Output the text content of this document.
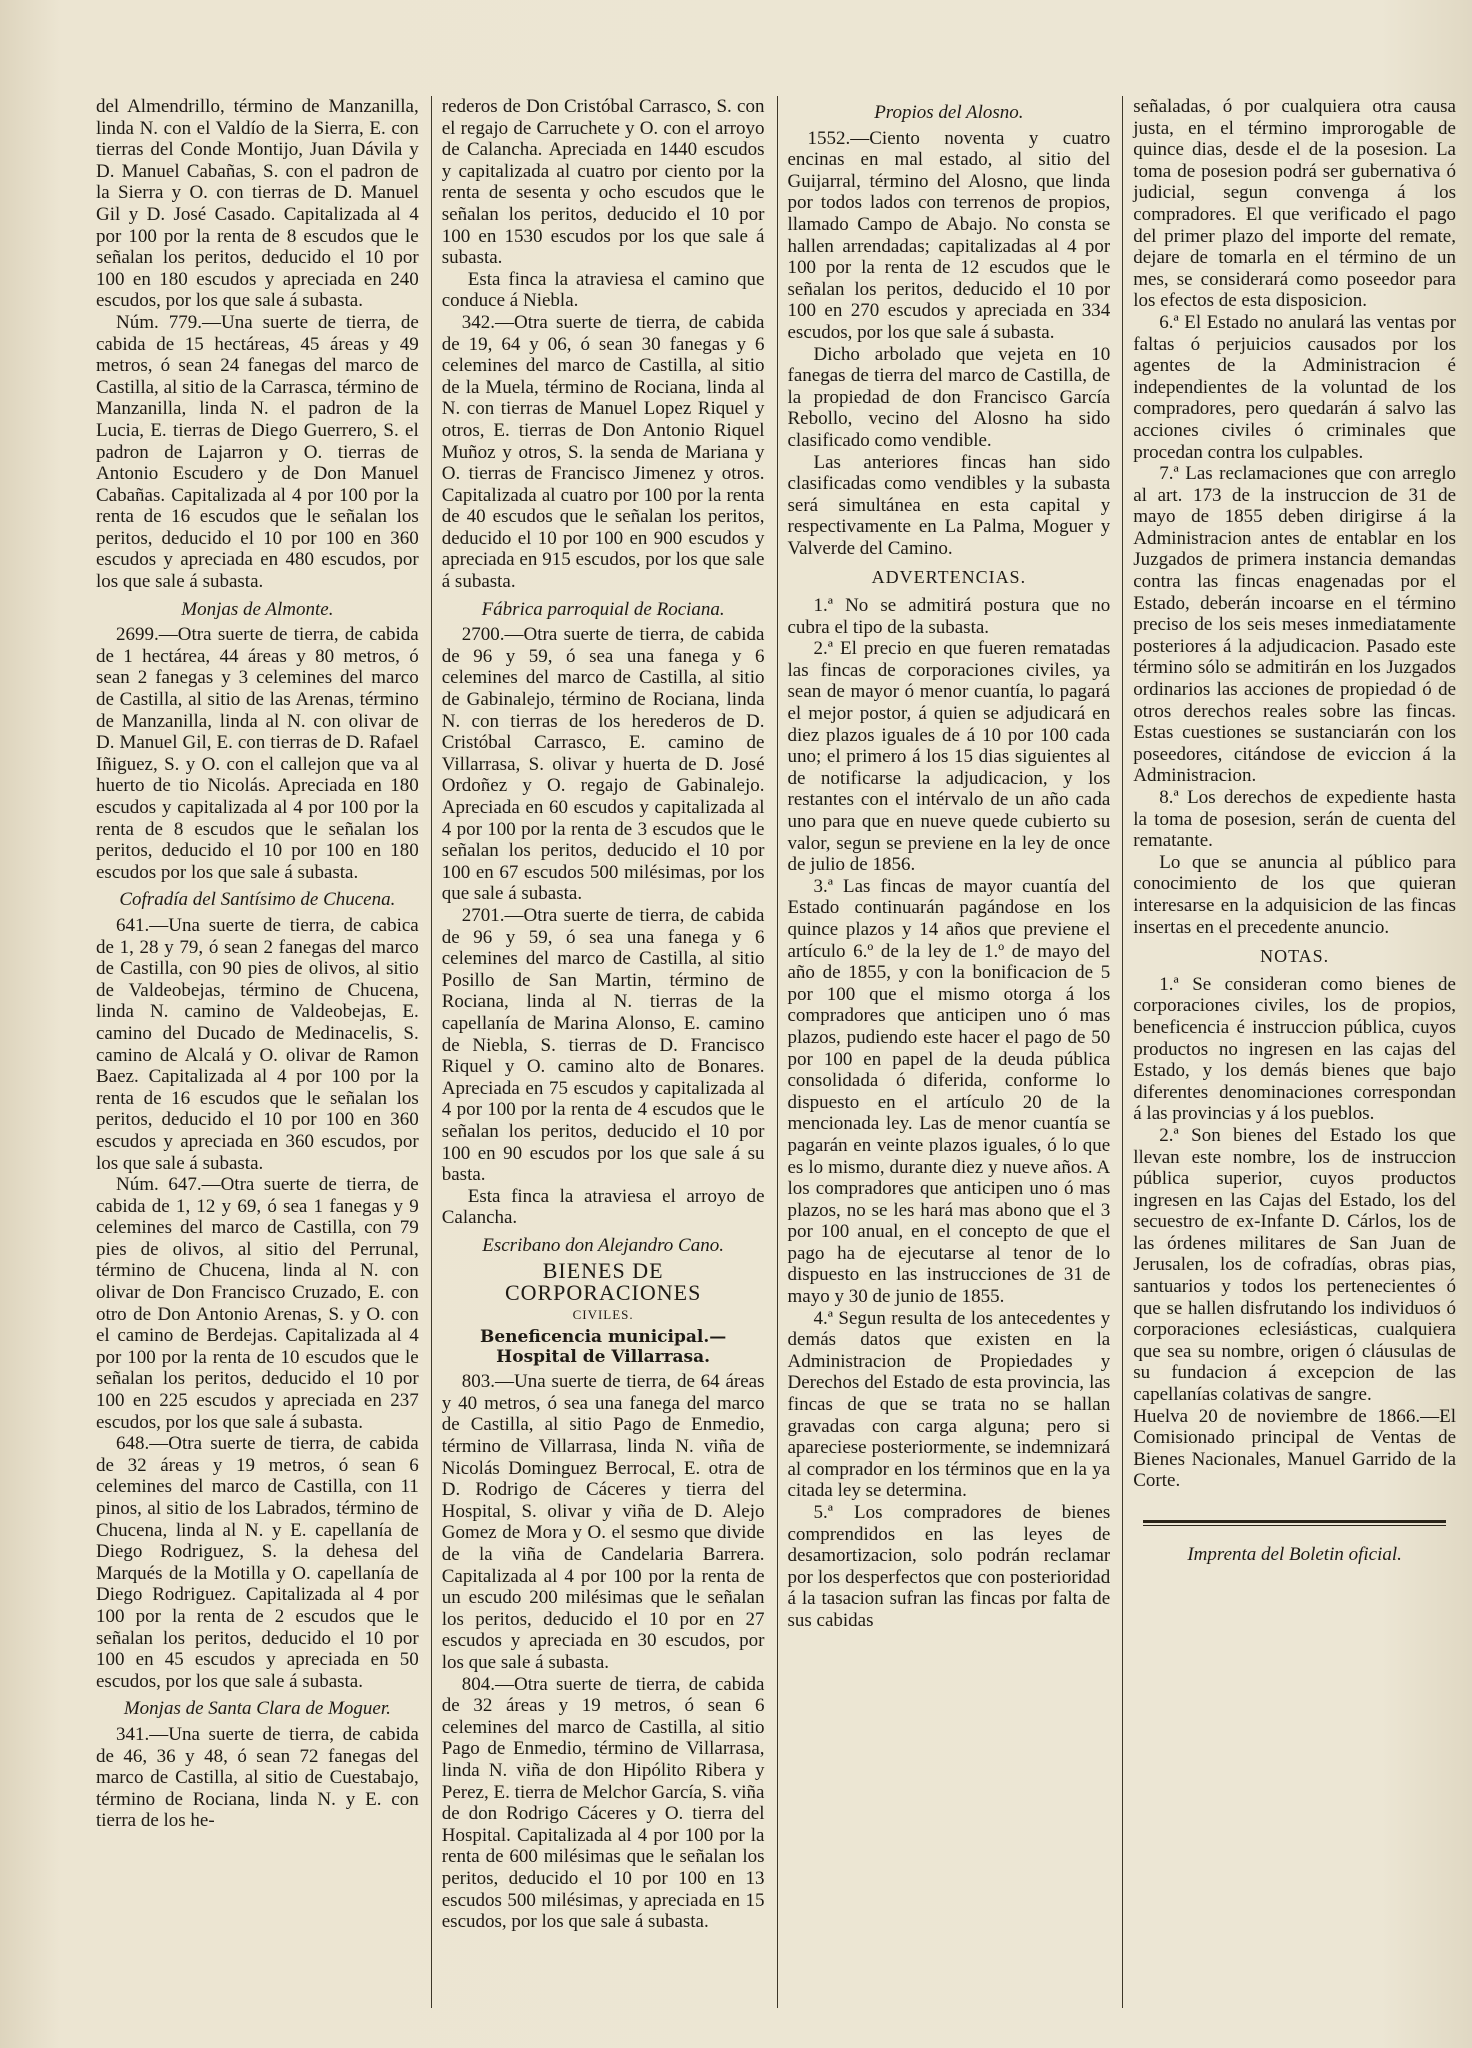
del Almendrillo, término de Manzanilla, linda N. con el Valdío de la Sierra, E. con tierras del Conde Montijo, Juan Dávila y D. Manuel Cabañas, S. con el padron de la Sierra y O. con tierras de D. Manuel Gil y D. José Casado. Capitalizada al 4 por 100 por la renta de 8 escudos que le señalan los peritos, deducido el 10 por 100 en 180 escudos y apreciada en 240 escudos, por los que sale á subasta.

Núm. 779.—Una suerte de tierra, de cabida de 15 hectáreas, 45 áreas y 49 metros, ó sean 24 fanegas del marco de Castilla, al sitio de la Carrasca, término de Manzanilla, linda N. el padron de la Lucia, E. tierras de Diego Guerrero, S. el padron de Lajarron y O. tierras de Antonio Escudero y de Don Manuel Cabañas. Capitalizada al 4 por 100 por la renta de 16 escudos que le señalan los peritos, deducido el 10 por 100 en 360 escudos y apreciada en 480 escudos, por los que sale á subasta.

Monjas de Almonte.

2699.—Otra suerte de tierra, de cabida de 1 hectárea, 44 áreas y 80 metros, ó sean 2 fanegas y 3 celemines del marco de Castilla, al sitio de las Arenas, término de Manzanilla, linda al N. con olivar de D. Manuel Gil, E. con tierras de D. Rafael Iñiguez, S. y O. con el callejon que va al huerto de tio Nicolás. Apreciada en 180 escudos y capitalizada al 4 por 100 por la renta de 8 escudos que le señalan los peritos, deducido el 10 por 100 en 180 escudos por los que sale á subasta.

Cofradía del Santísimo de Chucena.

641.—Una suerte de tierra, de cabica de 1, 28 y 79, ó sean 2 fanegas del marco de Castilla, con 90 pies de olivos, al sitio de Valdeobejas, término de Chucena, linda N. camino de Valdeobejas, E. camino del Ducado de Medinacelis, S. camino de Alcalá y O. olivar de Ramon Baez. Capitalizada al 4 por 100 por la renta de 16 escudos que le señalan los peritos, deducido el 10 por 100 en 360 escudos y apreciada en 360 escudos, por los que sale á subasta.

Núm. 647.—Otra suerte de tierra, de cabida de 1, 12 y 69, ó sea 1 fanegas y 9 celemines del marco de Castilla, con 79 pies de olivos, al sitio del Perrunal, término de Chucena, linda al N. con olivar de Don Francisco Cruzado, E. con otro de Don Antonio Arenas, S. y O. con el camino de Berdejas. Capitalizada al 4 por 100 por la renta de 10 escudos que le señalan los peritos, deducido el 10 por 100 en 225 escudos y apreciada en 237 escudos, por los que sale á subasta.

648.—Otra suerte de tierra, de cabida de 32 áreas y 19 metros, ó sean 6 celemines del marco de Castilla, con 11 pinos, al sitio de los Labrados, término de Chucena, linda al N. y E. capellanía de Diego Rodriguez, S. la dehesa del Marqués de la Motilla y O. capellanía de Diego Rodriguez. Capitalizada al 4 por 100 por la renta de 2 escudos que le señalan los peritos, deducido el 10 por 100 en 45 escudos y apreciada en 50 escudos, por los que sale á subasta.

Monjas de Santa Clara de Moguer.

341.—Una suerte de tierra, de cabida de 46, 36 y 48, ó sean 72 fanegas del marco de Castilla, al sitio de Cuestabajo, término de Rociana, linda N. y E. con tierra de los he-

rederos de Don Cristóbal Carrasco, S. con el regajo de Carruchete y O. con el arroyo de Calancha. Apreciada en 1440 escudos y capitalizada al cuatro por ciento por la renta de sesenta y ocho escudos que le señalan los peritos, deducido el 10 por 100 en 1530 escudos por los que sale á subasta.

Esta finca la atraviesa el camino que conduce á Niebla.

342.—Otra suerte de tierra, de cabida de 19, 64 y 06, ó sean 30 fanegas y 6 celemines del marco de Castilla, al sitio de la Muela, término de Rociana, linda al N. con tierras de Manuel Lopez Riquel y otros, E. tierras de Don Antonio Riquel Muñoz y otros, S. la senda de Mariana y O. tierras de Francisco Jimenez y otros. Capitalizada al cuatro por 100 por la renta de 40 escudos que le señalan los peritos, deducido el 10 por 100 en 900 escudos y apreciada en 915 escudos, por los que sale á subasta.

Fábrica parroquial de Rociana.

2700.—Otra suerte de tierra, de cabida de 96 y 59, ó sea una fanega y 6 celemines del marco de Castilla, al sitio de Gabinalejo, término de Rociana, linda N. con tierras de los herederos de D. Cristóbal Carrasco, E. camino de Villarrasa, S. olivar y huerta de D. José Ordoñez y O. regajo de Gabinalejo. Apreciada en 60 escudos y capitalizada al 4 por 100 por la renta de 3 escudos que le señalan los peritos, deducido el 10 por 100 en 67 escudos 500 milésimas, por los que sale á subasta.

2701.—Otra suerte de tierra, de cabida de 96 y 59, ó sea una fanega y 6 celemines del marco de Castilla, al sitio Posillo de San Martin, término de Rociana, linda al N. tierras de la capellanía de Marina Alonso, E. camino de Niebla, S. tierras de D. Francisco Riquel y O. camino alto de Bonares. Apreciada en 75 escudos y capitalizada al 4 por 100 por la renta de 4 escudos que le señalan los peritos, deducido el 10 por 100 en 90 escudos por los que sale á su basta.

Esta finca la atraviesa el arroyo de Calancha.

Escribano don Alejandro Cano.

BIENES DE CORPORACIONES

CIVILES.

Beneficencia municipal.—Hospital de Villarrasa.

803.—Una suerte de tierra, de 64 áreas y 40 metros, ó sea una fanega del marco de Castilla, al sitio Pago de Enmedio, término de Villarrasa, linda N. viña de Nicolás Dominguez Berrocal, E. otra de D. Rodrigo de Cáceres y tierra del Hospital, S. olivar y viña de D. Alejo Gomez de Mora y O. el sesmo que divide de la viña de Candelaria Barrera. Capitalizada al 4 por 100 por la renta de un escudo 200 milésimas que le señalan los peritos, deducido el 10 por en 27 escudos y apreciada en 30 escudos, por los que sale á subasta.

804.—Otra suerte de tierra, de cabida de 32 áreas y 19 metros, ó sean 6 celemines del marco de Castilla, al sitio Pago de Enmedio, término de Villarrasa, linda N. viña de don Hipólito Ribera y Perez, E. tierra de Melchor García, S. viña de don Rodrigo Cáceres y O. tierra del Hospital. Capitalizada al 4 por 100 por la renta de 600 milésimas que le señalan los peritos, deducido el 10 por 100 en 13 escudos 500 milésimas, y apreciada en 15 escudos, por los que sale á subasta.

Propios del Alosno.

1552.—Ciento noventa y cuatro encinas en mal estado, al sitio del Guijarral, término del Alosno, que linda por todos lados con terrenos de propios, llamado Campo de Abajo. No consta se hallen arrendadas; capitalizadas al 4 por 100 por la renta de 12 escudos que le señalan los peritos, deducido el 10 por 100 en 270 escudos y apreciada en 334 escudos, por los que sale á subasta.

Dicho arbolado que vejeta en 10 fanegas de tierra del marco de Castilla, de la propiedad de don Francisco García Rebollo, vecino del Alosno ha sido clasificado como vendible.

Las anteriores fincas han sido clasificadas como vendibles y la subasta será simultánea en esta capital y respectivamente en La Palma, Moguer y Valverde del Camino.

ADVERTENCIAS.

1.ª No se admitirá postura que no cubra el tipo de la subasta.

2.ª El precio en que fueren rematadas las fincas de corporaciones civiles, ya sean de mayor ó menor cuantía, lo pagará el mejor postor, á quien se adjudicará en diez plazos iguales de á 10 por 100 cada uno; el primero á los 15 dias siguientes al de notificarse la adjudicacion, y los restantes con el intérvalo de un año cada uno para que en nueve quede cubierto su valor, segun se previene en la ley de once de julio de 1856.

3.ª Las fincas de mayor cuantía del Estado continuarán pagándose en los quince plazos y 14 años que previene el artículo 6.º de la ley de 1.º de mayo del año de 1855, y con la bonificacion de 5 por 100 que el mismo otorga á los compradores que anticipen uno ó mas plazos, pudiendo este hacer el pago de 50 por 100 en papel de la deuda pública consolidada ó diferida, conforme lo dispuesto en el artículo 20 de la mencionada ley. Las de menor cuantía se pagarán en veinte plazos iguales, ó lo que es lo mismo, durante diez y nueve años. A los compradores que anticipen uno ó mas plazos, no se les hará mas abono que el 3 por 100 anual, en el concepto de que el pago ha de ejecutarse al tenor de lo dispuesto en las instrucciones de 31 de mayo y 30 de junio de 1855.

4.ª Segun resulta de los antecedentes y demás datos que existen en la Administracion de Propiedades y Derechos del Estado de esta provincia, las fincas de que se trata no se hallan gravadas con carga alguna; pero si apareciese posteriormente, se indemnizará al comprador en los términos que en la ya citada ley se determina.

5.ª Los compradores de bienes comprendidos en las leyes de desamortizacion, solo podrán reclamar por los desperfectos que con posterioridad á la tasacion sufran las fincas por falta de sus cabidas

señaladas, ó por cualquiera otra causa justa, en el término improrogable de quince dias, desde el de la posesion. La toma de posesion podrá ser gubernativa ó judicial, segun convenga á los compradores. El que verificado el pago del primer plazo del importe del remate, dejare de tomarla en el término de un mes, se considerará como poseedor para los efectos de esta disposicion.

6.ª El Estado no anulará las ventas por faltas ó perjuicios causados por los agentes de la Administracion é independientes de la voluntad de los compradores, pero quedarán á salvo las acciones civiles ó criminales que procedan contra los culpables.

7.ª Las reclamaciones que con arreglo al art. 173 de la instruccion de 31 de mayo de 1855 deben dirigirse á la Administracion antes de entablar en los Juzgados de primera instancia demandas contra las fincas enagenadas por el Estado, deberán incoarse en el término preciso de los seis meses inmediatamente posteriores á la adjudicacion. Pasado este término sólo se admitirán en los Juzgados ordinarios las acciones de propiedad ó de otros derechos reales sobre las fincas. Estas cuestiones se sustanciarán con los poseedores, citándose de eviccion á la Administracion.

8.ª Los derechos de expediente hasta la toma de posesion, serán de cuenta del rematante.

Lo que se anuncia al público para conocimiento de los que quieran interesarse en la adquisicion de las fincas insertas en el precedente anuncio.

NOTAS.

1.ª Se consideran como bienes de corporaciones civiles, los de propios, beneficencia é instruccion pública, cuyos productos no ingresen en las cajas del Estado, y los demás bienes que bajo diferentes denominaciones correspondan á las provincias y á los pueblos.

2.ª Son bienes del Estado los que llevan este nombre, los de instruccion pública superior, cuyos productos ingresen en las Cajas del Estado, los del secuestro de ex-Infante D. Cárlos, los de las órdenes militares de San Juan de Jerusalen, los de cofradías, obras pias, santuarios y todos los pertenecientes ó que se hallen disfrutando los individuos ó corporaciones eclesiásticas, cualquiera que sea su nombre, origen ó cláusulas de su fundacion á excepcion de las capellanías colativas de sangre.

Huelva 20 de noviembre de 1866.—El Comisionado principal de Ventas de Bienes Nacionales, Manuel Garrido de la Corte.

Imprenta del Boletin oficial.
